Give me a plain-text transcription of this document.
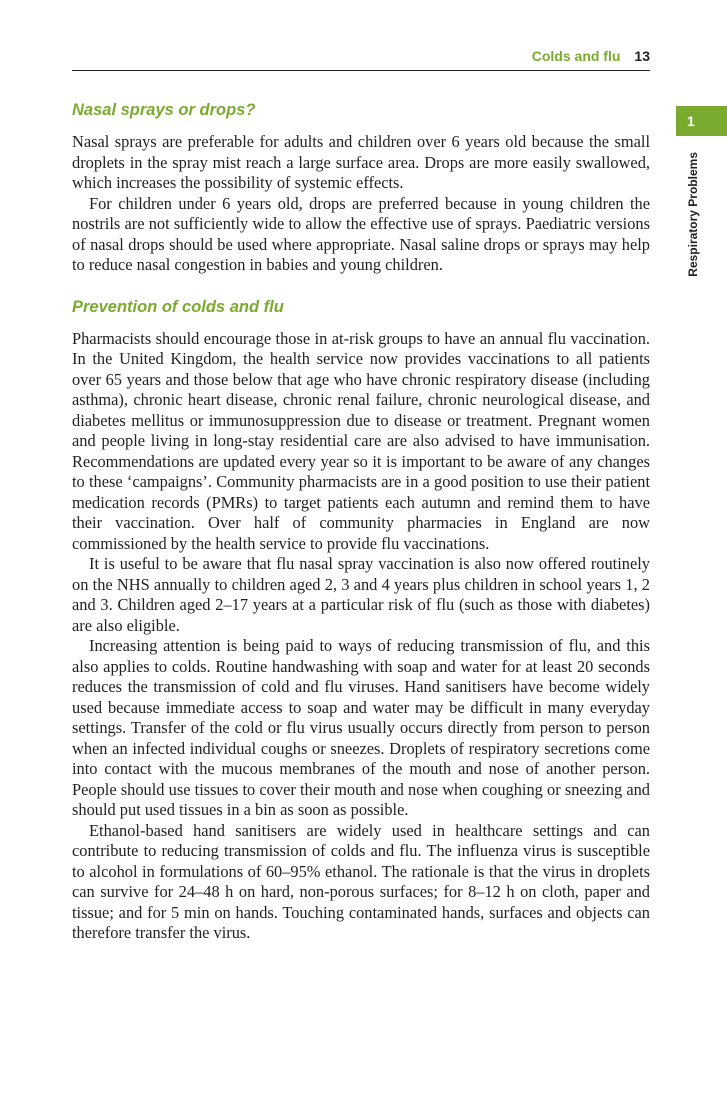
Colds and flu 13
1
Respiratory Problems
Nasal sprays or drops?

Nasal sprays are preferable for adults and children over 6 years old because the small droplets in the spray mist reach a large surface area. Drops are more easily swallowed, which increases the possibility of systemic effects.

For children under 6 years old, drops are preferred because in young children the nostrils are not sufficiently wide to allow the effective use of sprays. Paediatric versions of nasal drops should be used where appropriate. Nasal saline drops or sprays may help to reduce nasal congestion in babies and young children.

Prevention of colds and flu

Pharmacists should encourage those in at-risk groups to have an annual flu vaccination. In the United Kingdom, the health service now provides vaccinations to all patients over 65 years and those below that age who have chronic respiratory disease (including asthma), chronic heart disease, chronic renal failure, chronic neurological disease, and diabetes mellitus or immunosuppression due to disease or treatment. Pregnant women and people living in long-stay residential care are also advised to have immunisation. Recommendations are updated every year so it is important to be aware of any changes to these ‘campaigns’. Community pharmacists are in a good position to use their patient medication records (PMRs) to target patients each autumn and remind them to have their vaccination. Over half of community pharmacies in England are now commissioned by the health service to provide flu vaccinations.

It is useful to be aware that flu nasal spray vaccination is also now offered routinely on the NHS annually to children aged 2, 3 and 4 years plus children in school years 1, 2 and 3. Children aged 2–17 years at a particular risk of flu (such as those with diabetes) are also eligible.

Increasing attention is being paid to ways of reducing transmission of flu, and this also applies to colds. Routine handwashing with soap and water for at least 20 seconds reduces the transmission of cold and flu viruses. Hand sanitisers have become widely used because immediate access to soap and water may be difficult in many everyday settings. Transfer of the cold or flu virus usually occurs directly from person to person when an infected individual coughs or sneezes. Droplets of respiratory secretions come into contact with the mucous membranes of the mouth and nose of another person. People should use tissues to cover their mouth and nose when coughing or sneezing and should put used tissues in a bin as soon as possible.

Ethanol-based hand sanitisers are widely used in healthcare settings and can contribute to reducing transmission of colds and flu. The influenza virus is susceptible to alcohol in formulations of 60–95% ethanol. The rationale is that the virus in droplets can survive for 24–48 h on hard, non-porous surfaces; for 8–12 h on cloth, paper and tissue; and for 5 min on hands. Touching contaminated hands, surfaces and objects can therefore transfer the virus.
